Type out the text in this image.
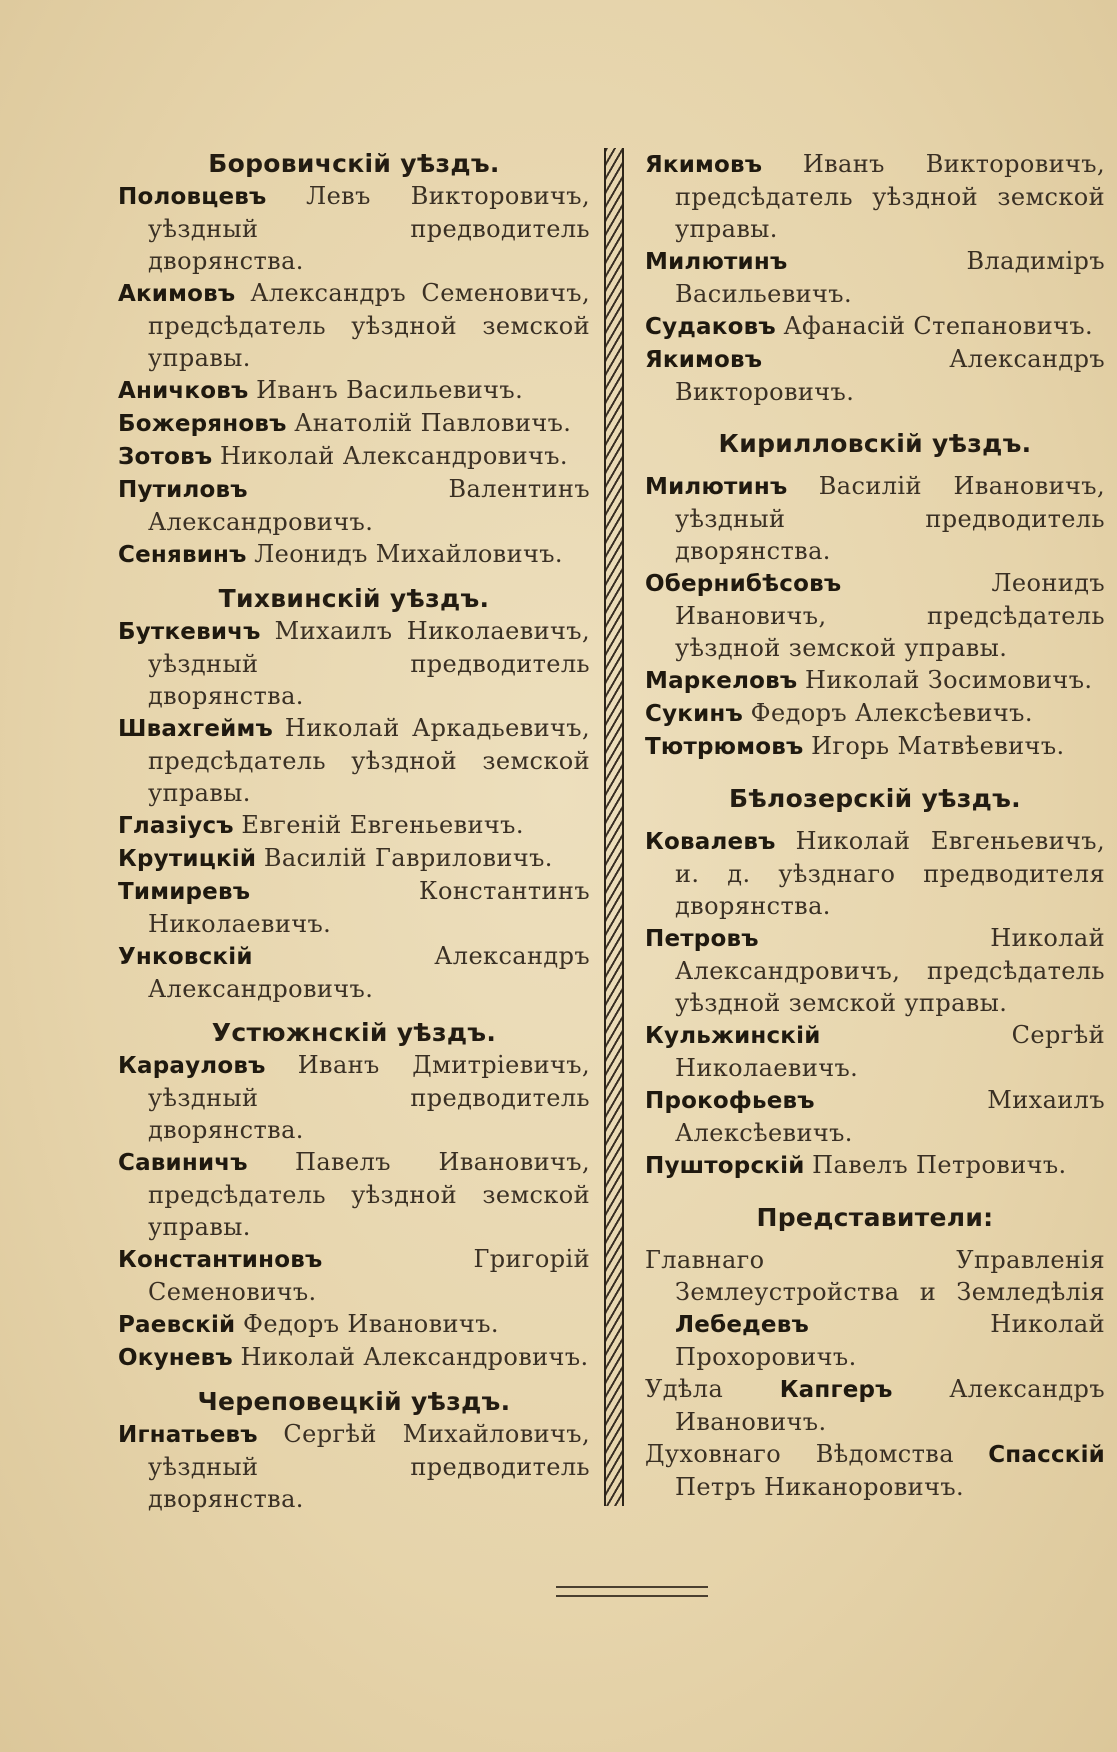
Боровичскій уѣздъ.

Половцевъ Левъ Викторовичъ, уѣздный предводитель дворянства.

Акимовъ Александръ Семеновичъ, предсѣдатель уѣздной земской управы.

Аничковъ Иванъ Васильевичъ.

Божеряновъ Анатолій Павловичъ.

Зотовъ Николай Александровичъ.

Путиловъ	Валентинъ Александровичъ.

Сенявинъ Леонидъ Михайловичъ.

Тихвинскій уѣздъ.

Буткевичъ Михаилъ Николаевичъ, уѣздный предводитель дворянства.

Швахгеймъ Николай Аркадьевичъ, предсѣдатель уѣздной земской управы.

Глазіусъ Евгеній Евгеньевичъ.

Крутицкій Василій Гавриловичъ.

Тимиревъ	Константинъ Николаевичъ.

Унковскій	Александръ Александровичъ.

Устюжнскій уѣздъ.

Карауловъ Иванъ Дмитріевичъ, уѣздный предводитель дворянства.

Савиничъ Павелъ Ивановичъ, предсѣдатель уѣздной земской управы.

Константиновъ	Григорій Семеновичъ.

Раевскій Федоръ Ивановичъ.

Окуневъ Николай Александровичъ.

Череповецкій уѣздъ.

Игнатьевъ Сергѣй Михайловичъ, уѣздный предводитель дворянства.

Якимовъ Иванъ Викторовичъ, предсѣдатель уѣздной земской управы.

Милютинъ	Владиміръ Васильевичъ.

Судаковъ Афанасій Степановичъ.

Якимовъ	Александръ Викторовичъ.

Кирилловскій уѣздъ.

Милютинъ Василій Ивановичъ, уѣздный предводитель дворянства.

Обернибѣсовъ	Леонидъ Ивановичъ, предсѣдатель уѣздной земской управы.

Маркеловъ Николай Зосимовичъ.

Сукинъ Федоръ Алексѣевичъ.

Тютрюмовъ Игорь Матвѣевичъ.

Бѣлозерскій уѣздъ.

Ковалевъ Николай Евгеньевичъ, и. д. уѣзднаго предводителя дворянства.

Петровъ	Николай Александровичъ, предсѣдатель уѣздной земской управы.

Кульжинскій	Сергѣй Николаевичъ.

Прокофьевъ	Михаилъ Алексѣевичъ.

Пушторскій Павелъ Петровичъ.

Представители:

Главнаго Управленія Землеустройства и Земледѣлія Лебедевъ	Николай Прохоровичъ.

Удѣла Капгеръ Александръ Ивановичъ.

Духовнаго Вѣдомства Спасскій Петръ Никаноровичъ.
